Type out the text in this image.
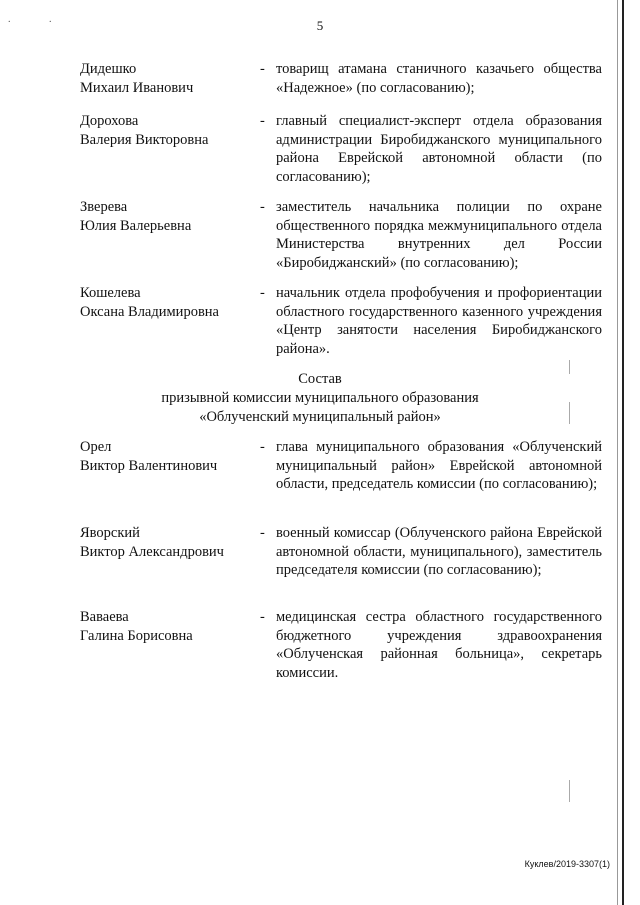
. .	5
Дидешко
Михаил Иванович
- товарищ атамана станичного казачьего общества «Надежное» (по согласованию);
Дорохова
Валерия Викторовна
- главный специалист-эксперт отдела образования администрации Биробиджанского муниципального района Еврейской автономной области (по согласованию);
Зверева
Юлия Валерьевна
- заместитель начальника полиции по охране общественного порядка межмуниципального отдела Министерства внутренних дел России «Биробиджанский» (по согласованию);
Кошелева
Оксана Владимировна
- начальник отдела профобучения и профориентации областного государственного казенного учреждения «Центр занятости населения Биробиджанского района».
Состав
призывной комиссии муниципального образования
«Облученский муниципальный район»
Орел
Виктор Валентинович
- глава муниципального образования «Облученский муниципальный район» Еврейской автономной области, председатель комиссии (по согласованию);
Яворский
Виктор Александрович
- военный комиссар (Облученского района Еврейской автономной области, муниципального), заместитель председателя комиссии (по согласованию);
Ваваева
Галина Борисовна
- медицинская сестра областного государственного бюджетного учреждения здравоохранения «Облученская районная больница», секретарь комиссии.
Куклев/2019-3307(1)
